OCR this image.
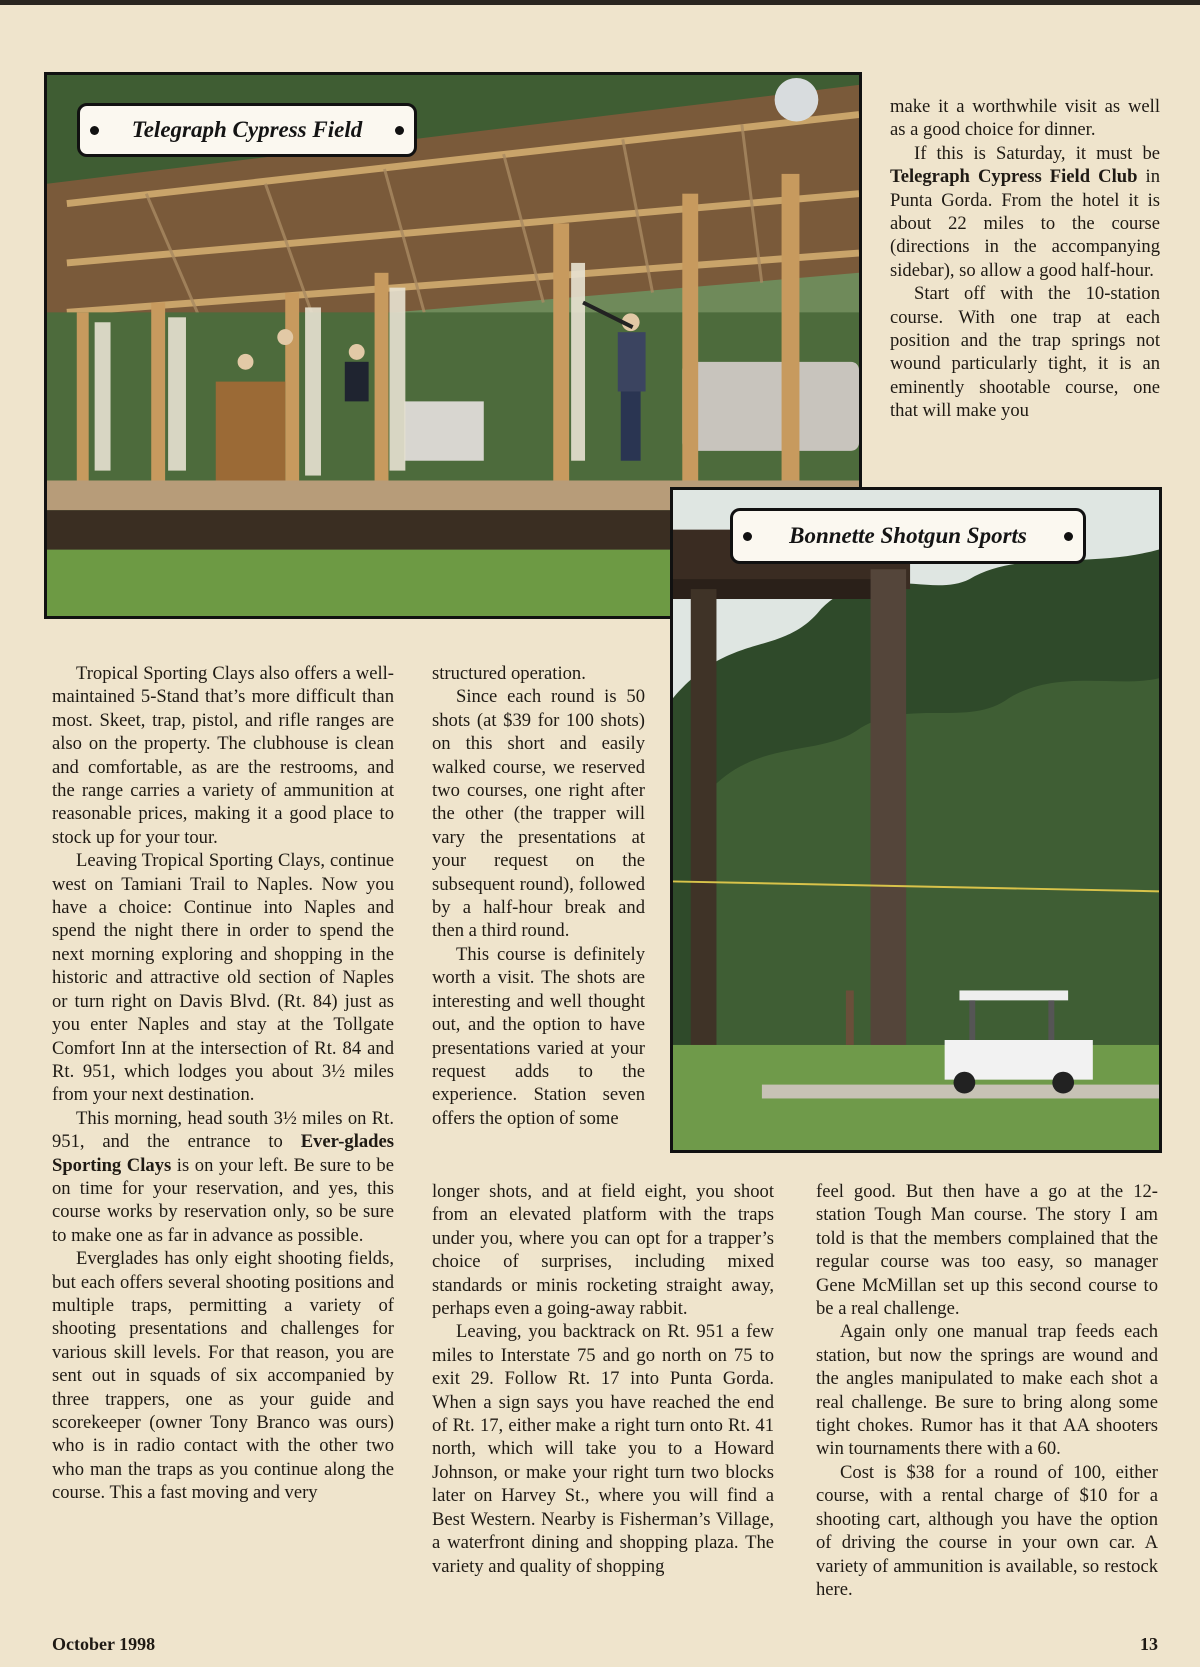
Telegraph Cypress Field
Bonnette Shotgun Sports

make it a worthwhile visit as well as a good choice for dinner.

If this is Saturday, it must be Telegraph Cypress Field Club in Punta Gorda. From the hotel it is about 22 miles to the course (directions in the accompanying sidebar), so allow a good half-hour.

Start off with the 10-station course. With one trap at each position and the trap springs not wound particularly tight, it is an eminently shootable course, one that will make you

Tropical Sporting Clays also offers a well-maintained 5-Stand that’s more difficult than most. Skeet, trap, pistol, and rifle ranges are also on the property. The clubhouse is clean and comfortable, as are the restrooms, and the range carries a variety of ammunition at reasonable prices, making it a good place to stock up for your tour.

Leaving Tropical Sporting Clays, continue west on Tamiani Trail to Naples. Now you have a choice: Continue into Naples and spend the night there in order to spend the next morning exploring and shopping in the historic and attractive old section of Naples or turn right on Davis Blvd. (Rt. 84) just as you enter Naples and stay at the Tollgate Comfort Inn at the intersection of Rt. 84 and Rt. 951, which lodges you about 3½ miles from your next destination.

This morning, head south 3½ miles on Rt. 951, and the entrance to Ever-glades Sporting Clays is on your left. Be sure to be on time for your reservation, and yes, this course works by reservation only, so be sure to make one as far in advance as possible.

Everglades has only eight shooting fields, but each offers several shooting positions and multiple traps, permitting a variety of shooting presentations and challenges for various skill levels. For that reason, you are sent out in squads of six accompanied by three trappers, one as your guide and scorekeeper (owner Tony Branco was ours) who is in radio contact with the other two who man the traps as you continue along the course. This a fast moving and very

structured operation.

Since each round is 50 shots (at $39 for 100 shots) on this short and easily walked course, we reserved two courses, one right after the other (the trapper will vary the presentations at your request on the subsequent round), followed by a half-hour break and then a third round.

This course is definitely worth a visit. The shots are interesting and well thought out, and the option to have presentations varied at your request adds to the experience. Station seven offers the option of some

longer shots, and at field eight, you shoot from an elevated platform with the traps under you, where you can opt for a trapper’s choice of surprises, including mixed standards or minis rocketing straight away, perhaps even a going-away rabbit.

Leaving, you backtrack on Rt. 951 a few miles to Interstate 75 and go north on 75 to exit 29. Follow Rt. 17 into Punta Gorda. When a sign says you have reached the end of Rt. 17, either make a right turn onto Rt. 41 north, which will take you to a Howard Johnson, or make your right turn two blocks later on Harvey St., where you will find a Best Western. Nearby is Fisherman’s Village, a waterfront dining and shopping plaza. The variety and quality of shopping

feel good. But then have a go at the 12-station Tough Man course. The story I am told is that the members complained that the regular course was too easy, so manager Gene McMillan set up this second course to be a real challenge.

Again only one manual trap feeds each station, but now the springs are wound and the angles manipulated to make each shot a real challenge. Be sure to bring along some tight chokes. Rumor has it that AA shooters win tournaments there with a 60.

Cost is $38 for a round of 100, either course, with a rental charge of $10 for a shooting cart, although you have the option of driving the course in your own car. A variety of ammunition is available, so restock here.

October 1998	13
